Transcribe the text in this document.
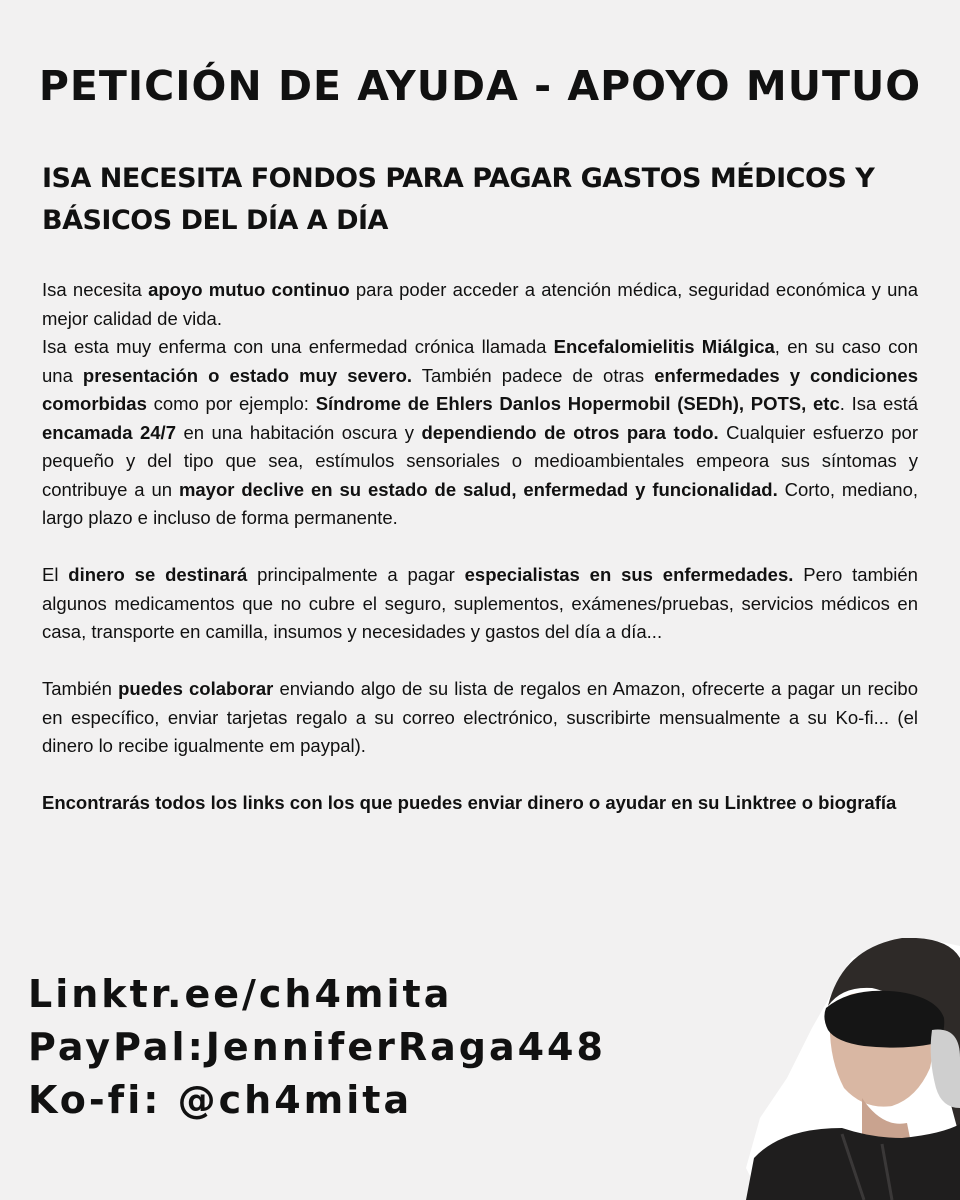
PETICIÓN DE AYUDA - APOYO MUTUO
ISA NECESITA FONDOS PARA PAGAR GASTOS MÉDICOS Y BÁSICOS DEL DÍA A DÍA

Isa necesita apoyo mutuo continuo para poder acceder a atención médica, seguridad económica y una mejor calidad de vida.

Isa esta muy enferma con una enfermedad crónica llamada Encefalomielitis Miálgica, en su caso con una presentación o estado muy severo. También padece de otras enfermedades y condiciones comorbidas como por ejemplo: Síndrome de Ehlers Danlos Hopermobil (SEDh), POTS, etc. Isa está encamada 24/7 en una habitación oscura y dependiendo de otros para todo. Cualquier esfuerzo por pequeño y del tipo que sea, estímulos sensoriales o medioambientales empeora sus síntomas y contribuye a un mayor declive en su estado de salud, enfermedad y funcionalidad. Corto, mediano, largo plazo e incluso de forma permanente.

El dinero se destinará principalmente a pagar especialistas en sus enfermedades. Pero también algunos medicamentos que no cubre el seguro, suplementos, exámenes/pruebas, servicios médicos en casa, transporte en camilla, insumos y necesidades y gastos del día a día...

También puedes colaborar enviando algo de su lista de regalos en Amazon, ofrecerte a pagar un recibo en específico, enviar tarjetas regalo a su correo electrónico, suscribirte mensualmente a su Ko-fi... (el dinero lo recibe igualmente em paypal).

Encontrarás todos los links con los que puedes enviar dinero o ayudar en su Linktree o biografía

Linktr.ee/ch4mita
PayPal:JenniferRaga448
Ko-fi: @ch4mita
